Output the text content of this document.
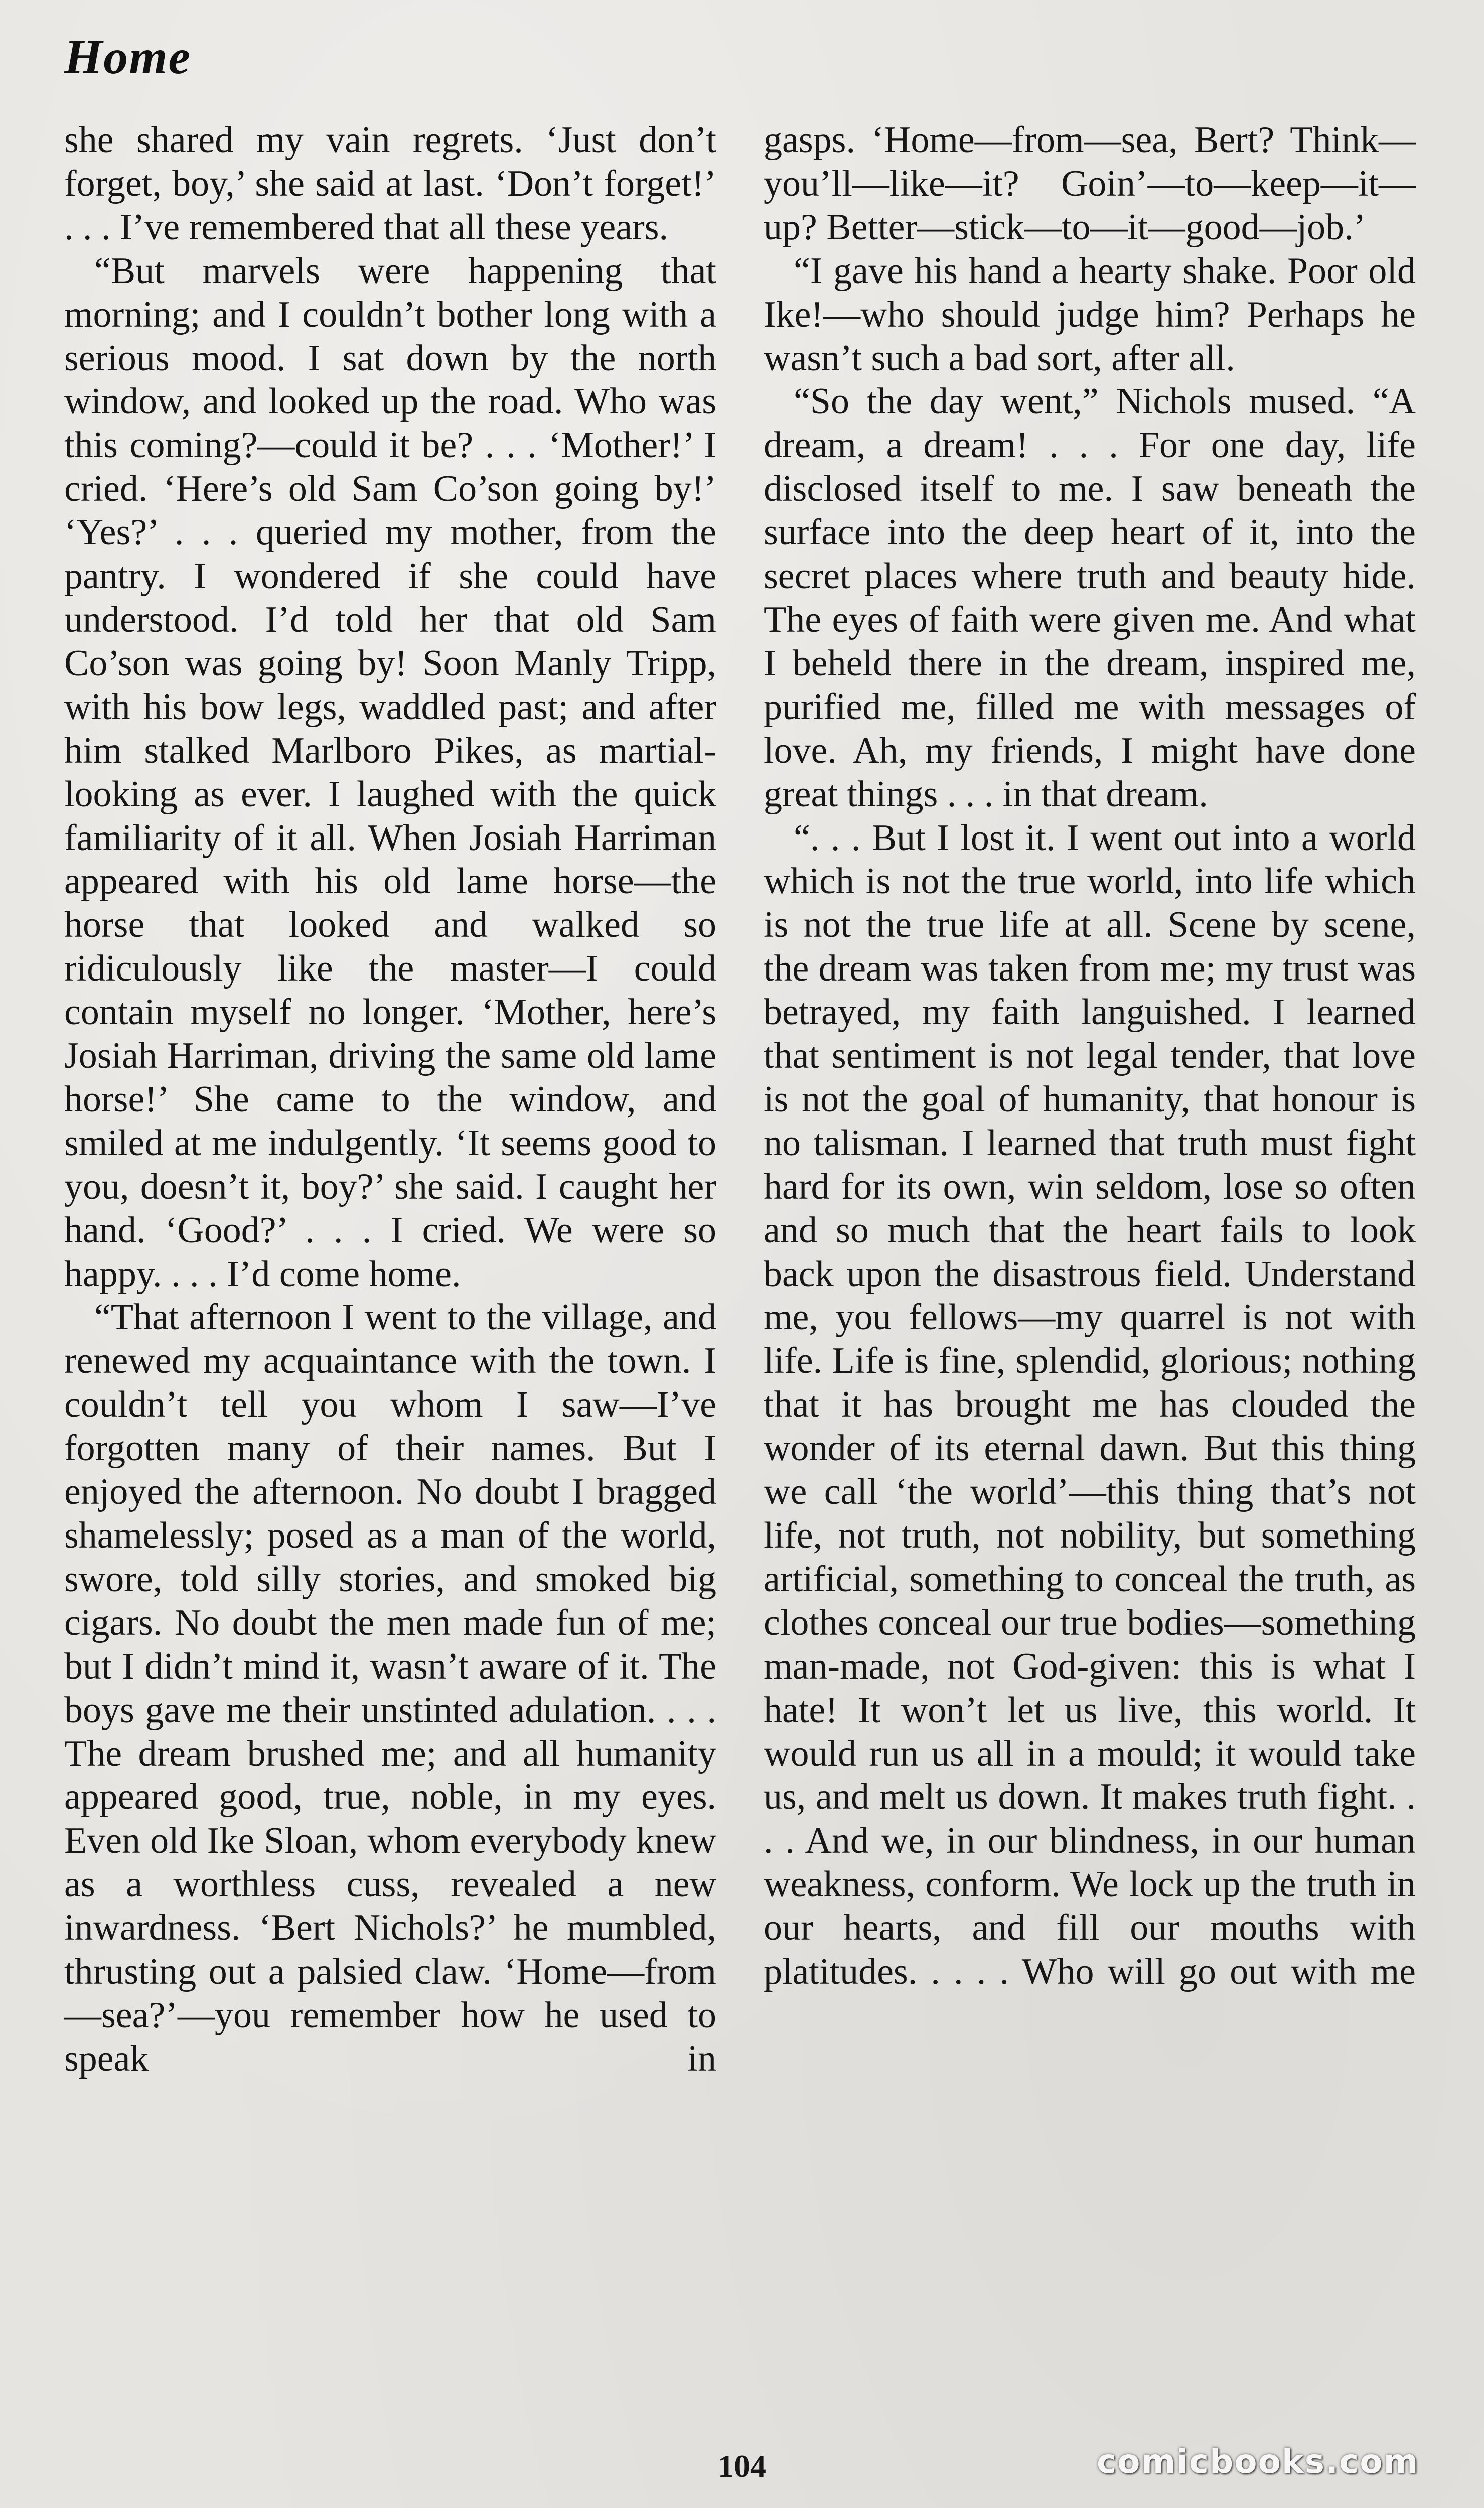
Home

she shared my vain regrets. ‘Just don’t forget, boy,’ she said at last. ‘Don’t forget!’ . . . I’ve remembered that all these years.

“But marvels were happening that morning; and I couldn’t bother long with a serious mood. I sat down by the north window, and looked up the road. Who was this coming?—could it be? . . . ‘Mother!’ I cried. ‘Here’s old Sam Co’son going by!’ ‘Yes?’ . . . queried my mother, from the pantry. I wondered if she could have understood. I’d told her that old Sam Co’son was going by! Soon Manly Tripp, with his bow legs, waddled past; and after him stalked Marlboro Pikes, as martial-looking as ever. I laughed with the quick familiarity of it all. When Josiah Harriman appeared with his old lame horse—the horse that looked and walked so ridiculously like the master—I could contain myself no longer. ‘Mother, here’s Josiah Harriman, driving the same old lame horse!’ She came to the window, and smiled at me indulgently. ‘It seems good to you, doesn’t it, boy?’ she said. I caught her hand. ‘Good?’ . . . I cried. We were so happy. . . . I’d come home.

“That afternoon I went to the village, and renewed my acquaintance with the town. I couldn’t tell you whom I saw—I’ve forgotten many of their names. But I enjoyed the afternoon. No doubt I bragged shamelessly; posed as a man of the world, swore, told silly stories, and smoked big cigars. No doubt the men made fun of me; but I didn’t mind it, wasn’t aware of it. The boys gave me their unstinted adulation. . . . The dream brushed me; and all humanity appeared good, true, noble, in my eyes. Even old Ike Sloan, whom everybody knew as a worthless cuss, revealed a new inwardness. ‘Bert Nichols?’ he mumbled, thrusting out a palsied claw. ‘Home—from—sea?’—you remember how he used to speak in

gasps. ‘Home—from—sea, Bert? Think—you’ll—like—it? Goin’—to—keep—it—up? Better—stick—to—it—good—job.’

“I gave his hand a hearty shake. Poor old Ike!—who should judge him? Perhaps he wasn’t such a bad sort, after all.

“So the day went,” Nichols mused. “A dream, a dream! . . . For one day, life disclosed itself to me. I saw beneath the surface into the deep heart of it, into the secret places where truth and beauty hide. The eyes of faith were given me. And what I beheld there in the dream, inspired me, purified me, filled me with messages of love. Ah, my friends, I might have done great things . . . in that dream.

“. . . But I lost it. I went out into a world which is not the true world, into life which is not the true life at all. Scene by scene, the dream was taken from me; my trust was betrayed, my faith languished. I learned that sentiment is not legal tender, that love is not the goal of humanity, that honour is no talisman. I learned that truth must fight hard for its own, win seldom, lose so often and so much that the heart fails to look back upon the disastrous field. Understand me, you fellows—my quarrel is not with life. Life is fine, splendid, glorious; nothing that it has brought me has clouded the wonder of its eternal dawn. But this thing we call ‘the world’—this thing that’s not life, not truth, not nobility, but something artificial, something to conceal the truth, as clothes conceal our true bodies—something man-made, not God-given: this is what I hate! It won’t let us live, this world. It would run us all in a mould; it would take us, and melt us down. It makes truth fight. . . . And we, in our blindness, in our human weakness, conform. We lock up the truth in our hearts, and fill our mouths with platitudes. . . . . Who will go out with me

104	comicbooks.com
